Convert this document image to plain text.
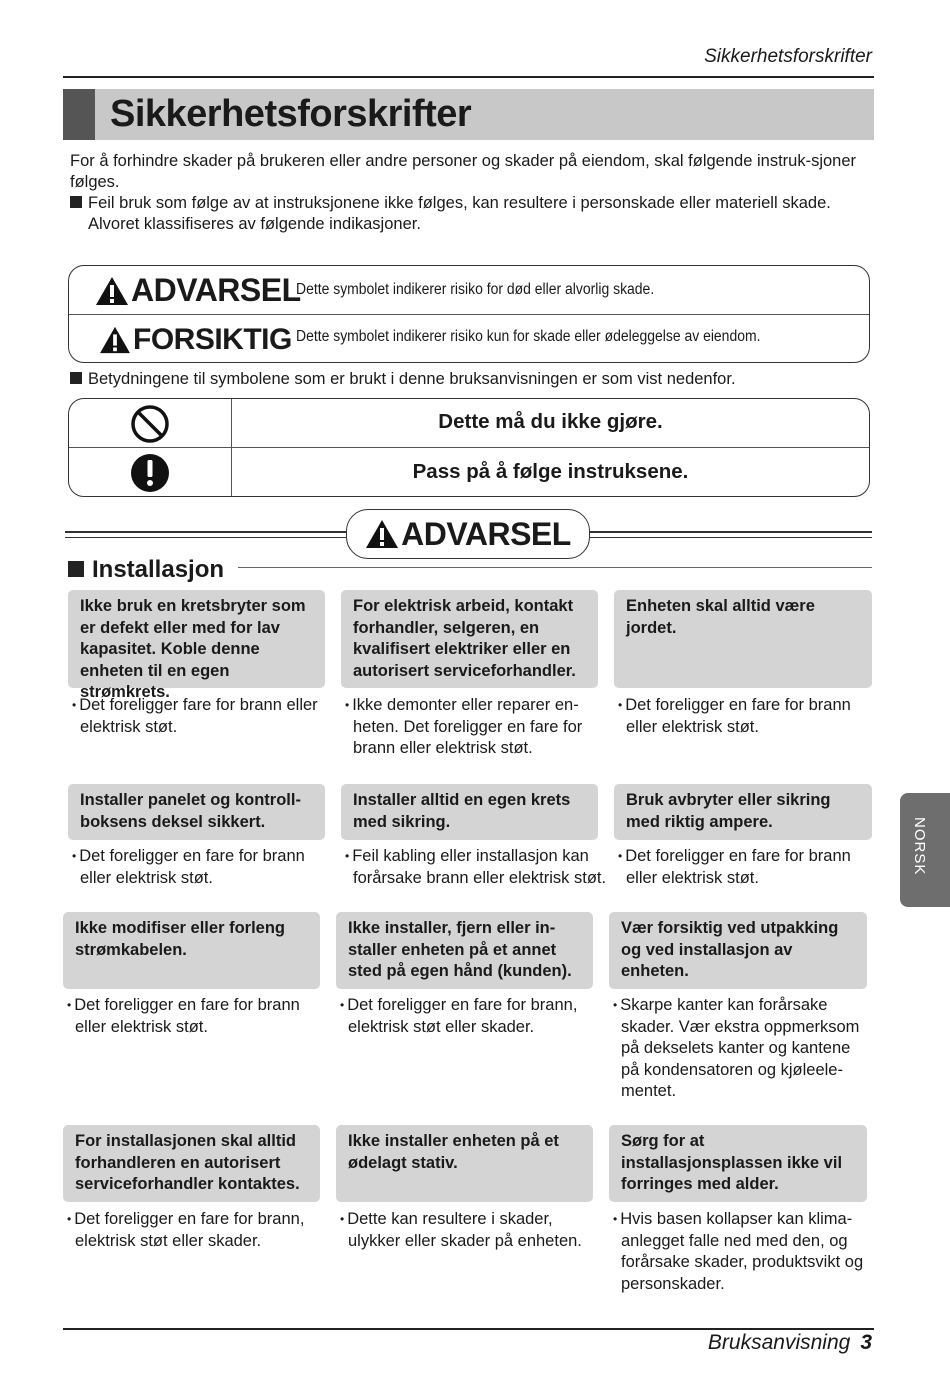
Sikkerhetsforskrifter
Sikkerhetsforskrifter

For å forhindre skader på brukeren eller andre personer og skader på eiendom, skal følgende instruk-sjoner følges.

Feil bruk som følge av at instruksjonene ikke følges, kan resultere i personskade eller materiell skade.

Alvoret klassifiseres av følgende indikasjoner.

ADVARSEL
Dette symbolet indikerer risiko for død eller alvorlig skade.
FORSIKTIG Dette symbolet indikerer risiko kun for skade eller ødeleggelse av eiendom.
Betydningene til symbolene som er brukt i denne bruksanvisningen er som vist nedenfor.
Dette må du ikke gjøre.
Pass på å følge instruksene.
ADVARSEL
Installasjon
Ikke bruk en kretsbryter som er defekt eller med for lav kapasitet. Koble denne enheten til en egen strømkrets.
• Det foreligger fare for brann eller elektrisk støt.
For elektrisk arbeid, kontakt forhandler, selgeren, en kvalifisert elektriker eller en autorisert serviceforhandler.
• Ikke demonter eller reparer en-heten. Det foreligger en fare for brann eller elektrisk støt.
Enheten skal alltid være jordet.
• Det foreligger en fare for brann eller elektrisk støt.
Installer panelet og kontroll-boksens deksel sikkert.
• Det foreligger en fare for brann eller elektrisk støt.
Installer alltid en egen krets med sikring.
• Feil kabling eller installasjon kan forårsake brann eller elektrisk støt.
Bruk avbryter eller sikring med riktig ampere.
• Det foreligger en fare for brann eller elektrisk støt.
Ikke modifiser eller forleng strømkabelen.
• Det foreligger en fare for brann eller elektrisk støt.
Ikke installer, fjern eller in-staller enheten på et annet sted på egen hånd (kunden).
• Det foreligger en fare for brann, elektrisk støt eller skader.
Vær forsiktig ved utpakking og ved installasjon av enheten.
• Skarpe kanter kan forårsake skader. Vær ekstra oppmerksom på dekselets kanter og kantene på kondensatoren og kjøleele-mentet.
For installasjonen skal alltid forhandleren en autorisert serviceforhandler kontaktes.
• Det foreligger en fare for brann, elektrisk støt eller skader.
Ikke installer enheten på et ødelagt stativ.
• Dette kan resultere i skader, ulykker eller skader på enheten.
Sørg for at installasjonsplassen ikke vil forringes med alder.
• Hvis basen kollapser kan klima-anlegget falle ned med den, og forårsake skader, produktsvikt og personskader.
NORSK
Bruksanvisning 3
